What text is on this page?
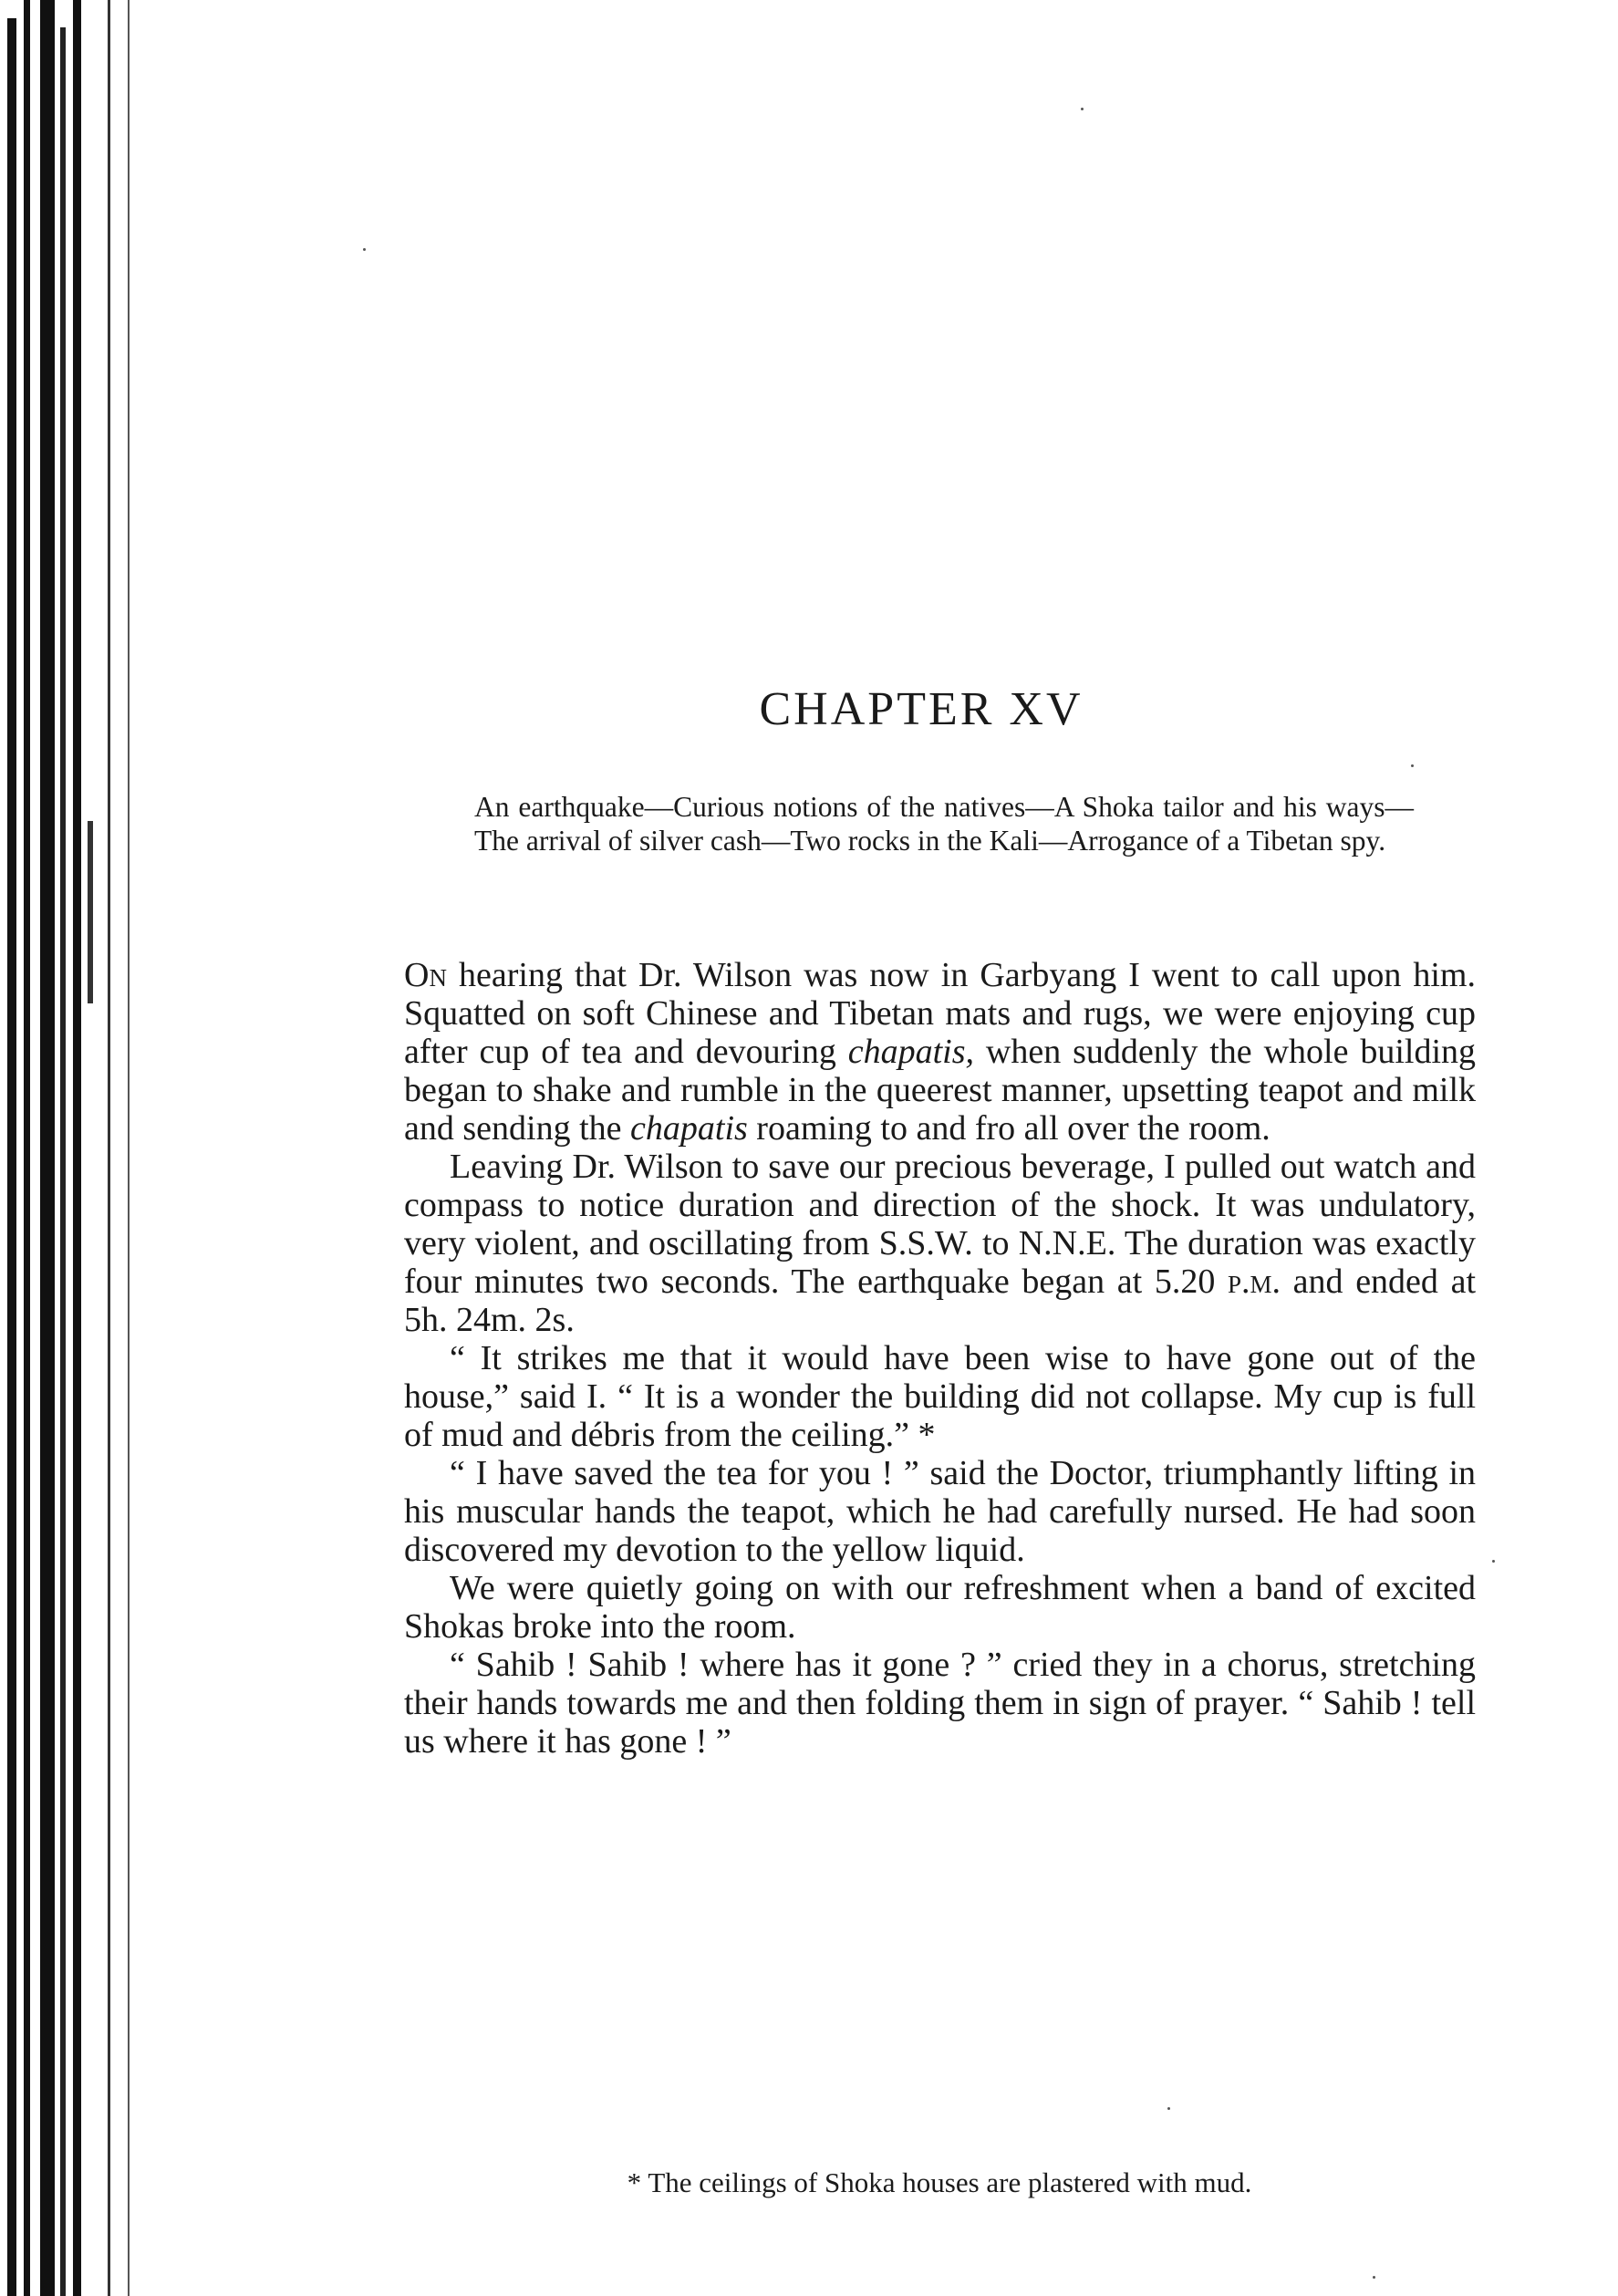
CHAPTER XV

An earthquake—Curious notions of the natives—A Shoka tailor and his ways—The arrival of silver cash—Two rocks in the Kali—Arrogance of a Tibetan spy.

On hearing that Dr. Wilson was now in Garbyang I went to call upon him. Squatted on soft Chinese and Tibetan mats and rugs, we were enjoying cup after cup of tea and devouring chapatis, when suddenly the whole building began to shake and rumble in the queerest manner, upsetting teapot and milk and sending the chapatis roaming to and fro all over the room.

Leaving Dr. Wilson to save our precious beverage, I pulled out watch and compass to notice duration and direction of the shock. It was undulatory, very violent, and oscillating from S.S.W. to N.N.E. The duration was exactly four minutes two seconds. The earthquake began at 5.20 p.m. and ended at 5h. 24m. 2s.

“ It strikes me that it would have been wise to have gone out of the house,” said I. “ It is a wonder the building did not collapse. My cup is full of mud and débris from the ceiling.” *

“ I have saved the tea for you ! ” said the Doctor, triumphantly lifting in his muscular hands the teapot, which he had carefully nursed. He had soon discovered my devotion to the yellow liquid.

We were quietly going on with our refreshment when a band of excited Shokas broke into the room.

“ Sahib ! Sahib ! where has it gone ? ” cried they in a chorus, stretching their hands towards me and then folding them in sign of prayer. “ Sahib ! tell us where it has gone ! ”

* The ceilings of Shoka houses are plastered with mud.
